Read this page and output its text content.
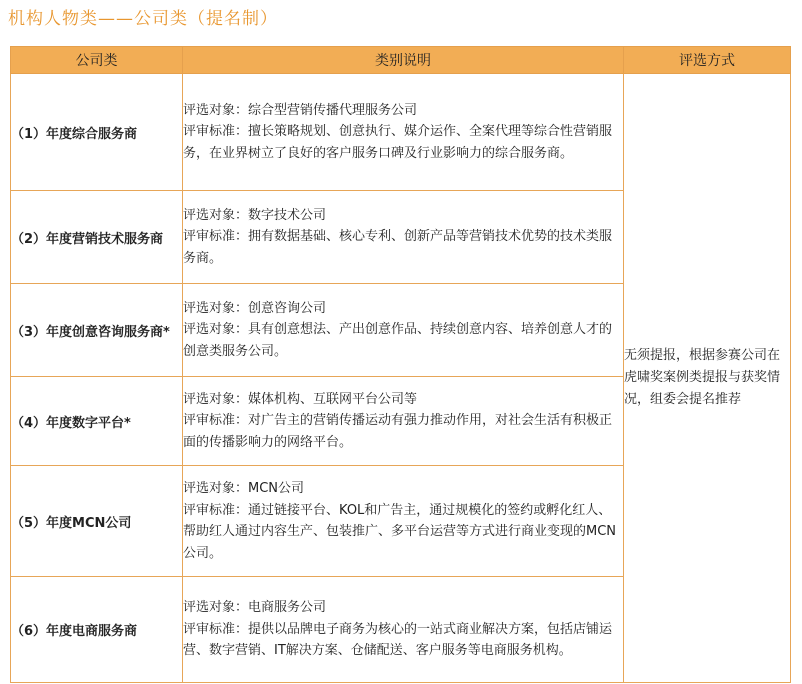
机构人物类——公司类（提名制）
公司类	类别说明	评选方式
（1）年度综合服务商	评选对象：综合型营销传播代理服务公司
评审标准：擅长策略规划、创意执行、媒介运作、全案代理等综合性营销服务，在业界树立了良好的客户服务口碑及行业影响力的综合服务商。	无须提报，根据参赛公司在虎啸奖案例类提报与获奖情况，组委会提名推荐
（2）年度营销技术服务商	评选对象：数字技术公司
评审标准：拥有数据基础、核心专利、创新产品等营销技术优势的技术类服务商。	

（3）年度创意咨询服务商*	评选对象：创意咨询公司
评选对象：具有创意想法、产出创意作品、持续创意内容、培养创意人才的创意类服务公司。	

（4）年度数字平台*	评选对象：媒体机构、互联网平台公司等
评审标准：对广告主的营销传播运动有强力推动作用，对社会生活有积极正面的传播影响力的网络平台。	

（5）年度MCN公司	评选对象：MCN公司
评审标准：通过链接平台、KOL和广告主，通过规模化的签约或孵化红人、帮助红人通过内容生产、包装推广、多平台运营等方式进行商业变现的MCN公司。	

（6）年度电商服务商	评选对象：电商服务公司
评审标准：提供以品牌电子商务为核心的一站式商业解决方案，包括店铺运营、数字营销、IT解决方案、仓储配送、客户服务等电商服务机构。	
